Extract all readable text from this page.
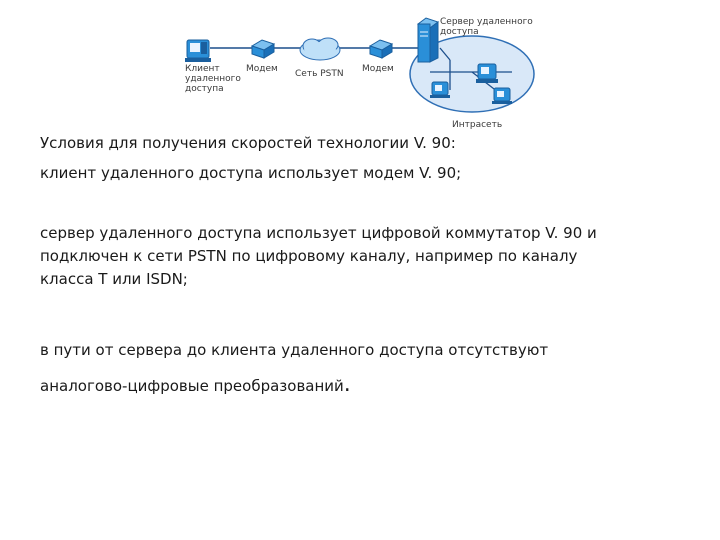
Клиент
удаленного
доступа
Модем Сеть PSTN Модем
Сервер удаленного
доступа
Интрасеть

Условия для получения скоростей технологии V. 90:
клиент удаленного доступа использует модем V. 90;

сервер удаленного доступа использует цифровой коммутатор V. 90 и
подключен к сети PSTN по цифровому каналу, например по каналу
класса Т или ISDN;

в пути от сервера до клиента удаленного доступа отсутствуют
аналогово-цифровые преобразований.
